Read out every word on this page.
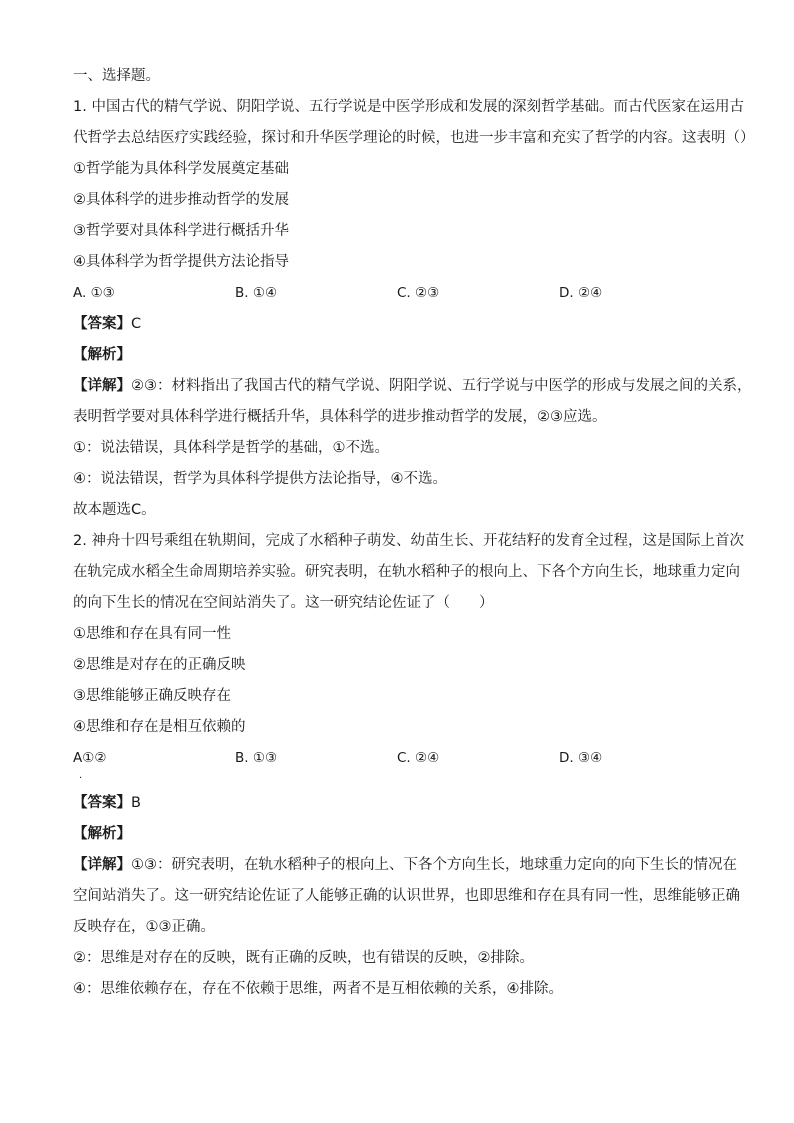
一、选择题。
1. 中国古代的精气学说、阴阳学说、五行学说是中医学形成和发展的深刻哲学基础。而古代医家在运用古
代哲学去总结医疗实践经验，探讨和升华医学理论的时候，也进一步丰富和充实了哲学的内容。这表明（）
①哲学能为具体科学发展奠定基础
②具体科学的进步推动哲学的发展
③哲学要对具体科学进行概括升华
④具体科学为哲学提供方法论指导
A. ①③	B. ①④	C. ②③	D. ②④
【答案】C
【解析】
【详解】②③：材料指出了我国古代的精气学说、阴阳学说、五行学说与中医学的形成与发展之间的关系，
表明哲学要对具体科学进行概括升华，具体科学的进步推动哲学的发展，②③应选。
①：说法错误，具体科学是哲学的基础，①不选。
④：说法错误，哲学为具体科学提供方法论指导，④不选。
故本题选C。
2. 神舟十四号乘组在轨期间，完成了水稻种子萌发、幼苗生长、开花结籽的发育全过程，这是国际上首次
在轨完成水稻全生命周期培养实验。研究表明，在轨水稻种子的根向上、下各个方向生长，地球重力定向
的向下生长的情况在空间站消失了。这一研究结论佐证了（　　）
①思维和存在具有同一性
②思维是对存在的正确反映
③思维能够正确反映存在
④思维和存在是相互依赖的
A①②	B. ①③	C. ②④	D. ③④
.
【答案】B
【解析】
【详解】①③：研究表明，在轨水稻种子的根向上、下各个方向生长，地球重力定向的向下生长的情况在
空间站消失了。这一研究结论佐证了人能够正确的认识世界，也即思维和存在具有同一性，思维能够正确
反映存在，①③正确。
②：思维是对存在的反映，既有正确的反映，也有错误的反映，②排除。
④：思维依赖存在，存在不依赖于思维，两者不是互相依赖的关系，④排除。
